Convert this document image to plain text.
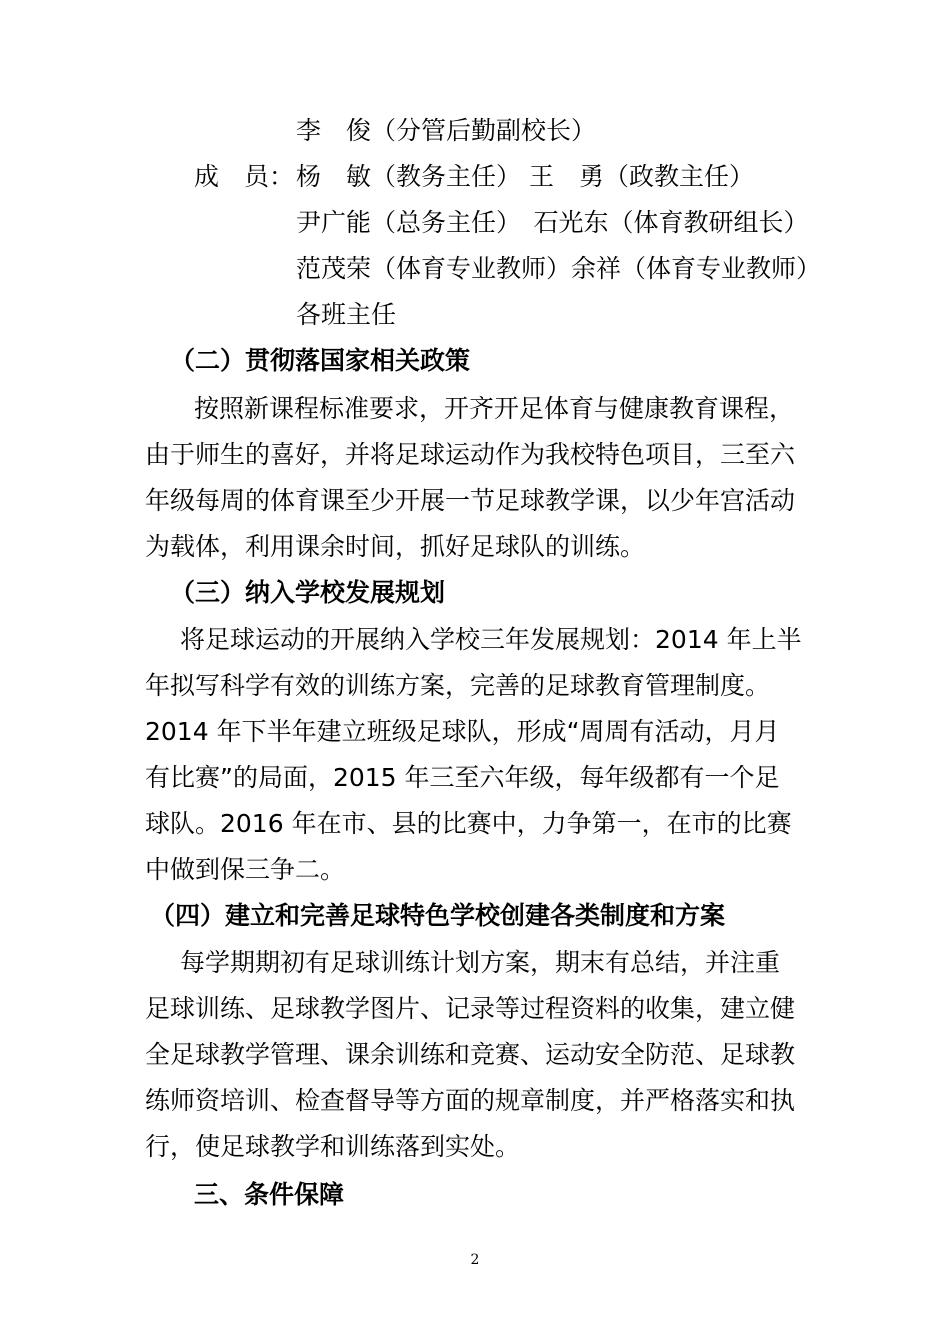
李　俊（分管后勤副校长）
成　员： 杨　敏（教务主任） 王　勇（政教主任）
尹广能（总务主任）　石光东（体育教研组长）
范茂荣（体育专业教师）余祥（体育专业教师）
各班主任
（二）贯彻落国家相关政策
按照新课程标准要求，开齐开足体育与健康教育课程，
由于师生的喜好，并将足球运动作为我校特色项目，三至六
年级每周的体育课至少开展一节足球教学课，以少年宫活动
为载体，利用课余时间，抓好足球队的训练。
（三）纳入学校发展规划
将足球运动的开展纳入学校三年发展规划：2014 年上半
年拟写科学有效的训练方案，完善的足球教育管理制度。
2014 年下半年建立班级足球队，形成“周周有活动，月月
有比赛”的局面，2015 年三至六年级，每年级都有一个足
球队。2016 年在市、县的比赛中，力争第一，在市的比赛
中做到保三争二。
（四）建立和完善足球特色学校创建各类制度和方案
每学期期初有足球训练计划方案，期末有总结，并注重
足球训练、足球教学图片、记录等过程资料的收集，建立健
全足球教学管理、课余训练和竞赛、运动安全防范、足球教
练师资培训、检查督导等方面的规章制度，并严格落实和执
行，使足球教学和训练落到实处。
三、条件保障
2
